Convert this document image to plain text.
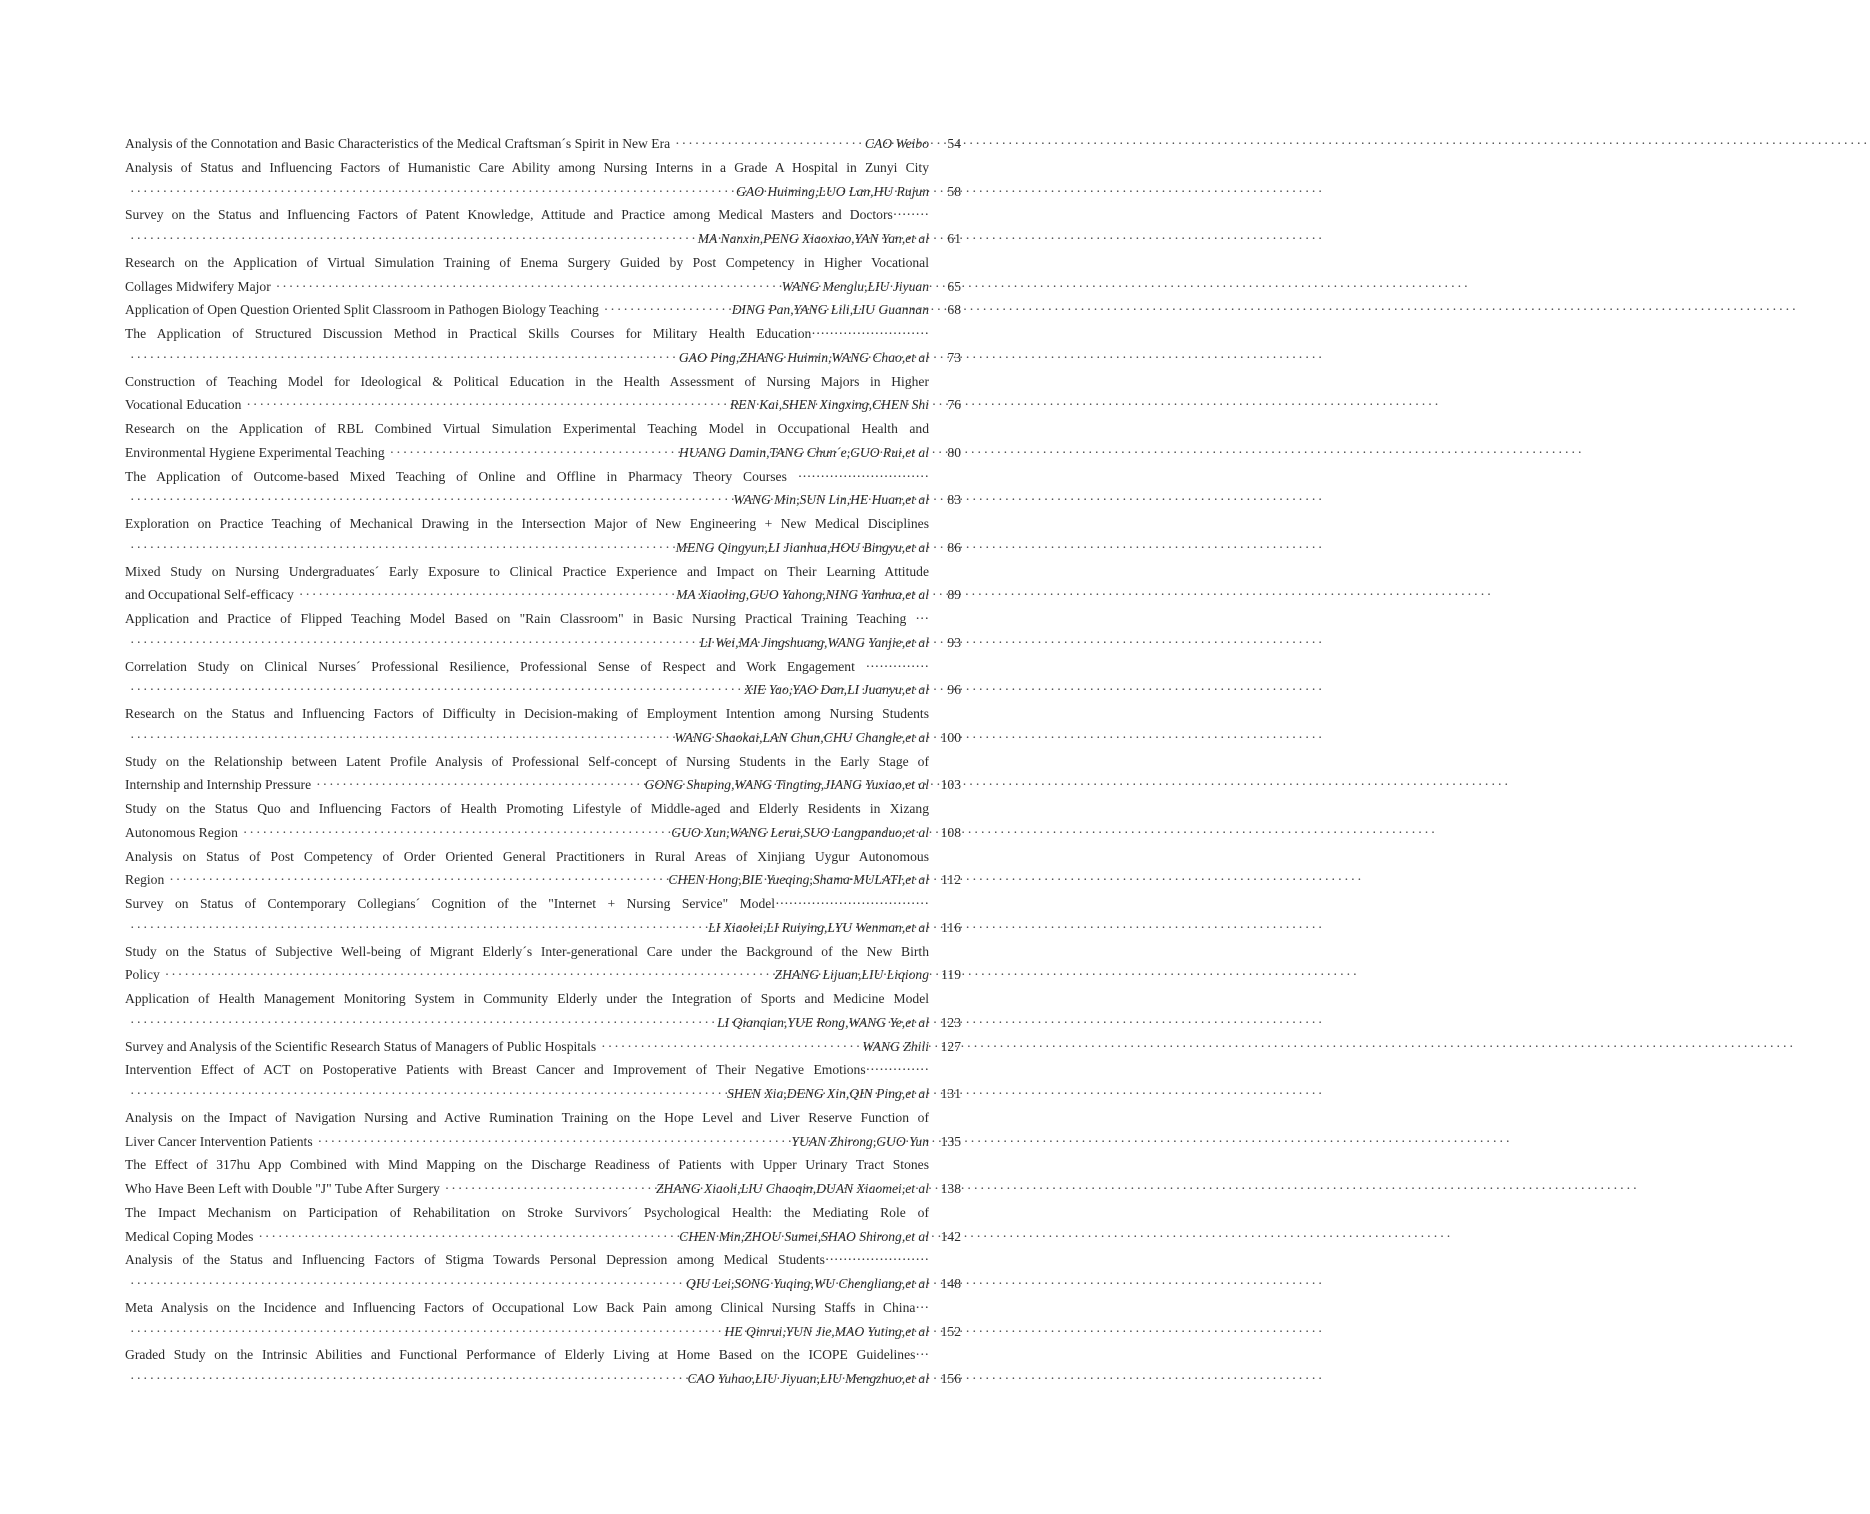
Analysis of the Connotation and Basic Characteristics of the Medical Craftsman´s Spirit in New Era ·····	CAO Weibo	54
Analysis of Status and Influencing Factors of Humanistic Care Ability among Nursing Interns in a Grade A Hospital in Zunyi City
·····
GAO Huiming,LUO Lan,HU Rujun	58
Survey on the Status and Influencing Factors of Patent Knowledge, Attitude and Practice among Medical Masters and Doctors········
·····
MA Nanxin,PENG Xiaoxiao,YAN Yan,et al	61
Research on the Application of Virtual Simulation Training of Enema Surgery Guided by Post Competency in Higher Vocational
Collages Midwifery Major ·····	WANG Menglu,LIU Jiyuan	65
Application of Open Question Oriented Split Classroom in Pathogen Biology Teaching ·····	DING Pan,YANG Lili,LIU Guannan	68
The Application of Structured Discussion Method in Practical Skills Courses for Military Health Education··························
·····
GAO Ping,ZHANG Huimin,WANG Chao,et al	73
Construction of Teaching Model for Ideological & Political Education in the Health Assessment of Nursing Majors in Higher
Vocational Education ·····	REN Kai,SHEN Xingxing,CHEN Shi	76
Research on the Application of RBL Combined Virtual Simulation Experimental Teaching Model in Occupational Health and
Environmental Hygiene Experimental Teaching ·····	HUANG Damin,TANG Chun´e,GUO Rui,et al	80
The Application of Outcome-based Mixed Teaching of Online and Offline in Pharmacy Theory Courses ·····························
·····
WANG Min,SUN Lin,HE Huan,et al	83
Exploration on Practice Teaching of Mechanical Drawing in the Intersection Major of New Engineering + New Medical Disciplines
·····
MENG Qingyun,LI Jianhua,HOU Bingyu,et al	86
Mixed Study on Nursing Undergraduates´ Early Exposure to Clinical Practice Experience and Impact on Their Learning Attitude
and Occupational Self-efficacy ·····	MA Xiaoling,GUO Yahong,NING Yanhua,et al	89
Application and Practice of Flipped Teaching Model Based on "Rain Classroom" in Basic Nursing Practical Training Teaching ···
·····
LI Wei,MA Jingshuang,WANG Yanjie,et al	93
Correlation Study on Clinical Nurses´ Professional Resilience, Professional Sense of Respect and Work Engagement ··············
·····
XIE Yao,YAO Dan,LI Juanyu,et al	96
Research on the Status and Influencing Factors of Difficulty in Decision-making of Employment Intention among Nursing Students
·····
WANG Shaokai,LAN Chun,CHU Changle,et al 100
Study on the Relationship between Latent Profile Analysis of Professional Self-concept of Nursing Students in the Early Stage of
Internship and Internship Pressure ·····	GONG Shuping,WANG Tingting,JIANG Yuxiao,et al 103
Study on the Status Quo and Influencing Factors of Health Promoting Lifestyle of Middle-aged and Elderly Residents in Xizang
Autonomous Region ·····	GUO Xun,WANG Lerui,SUO Langpanduo,et al 108
Analysis on Status of Post Competency of Order Oriented General Practitioners in Rural Areas of Xinjiang Uygur Autonomous
Region ·····	CHEN Hong,BIE Yueqing,Shama·MULATI,et al 112
Survey on Status of Contemporary Collegians´ Cognition of the "Internet + Nursing Service" Model··································
·····
LI Xiaolei,LI Ruiying,LYU Wenman,et al 116
Study on the Status of Subjective Well-being of Migrant Elderly´s Inter-generational Care under the Background of the New Birth
Policy ·····	ZHANG Lijuan,LIU Liqiong 119
Application of Health Management Monitoring System in Community Elderly under the Integration of Sports and Medicine Model
·····
LI Qianqian,YUE Rong,WANG Ye,et al 123
Survey and Analysis of the Scientific Research Status of Managers of Public Hospitals ·····	WANG Zhili 127
Intervention Effect of ACT on Postoperative Patients with Breast Cancer and Improvement of Their Negative Emotions··············
·····
SHEN Xia,DENG Xin,QIN Ping,et al 131
Analysis on the Impact of Navigation Nursing and Active Rumination Training on the Hope Level and Liver Reserve Function of
Liver Cancer Intervention Patients ·····	YUAN Zhirong,GUO Yun 135
The Effect of 317hu App Combined with Mind Mapping on the Discharge Readiness of Patients with Upper Urinary Tract Stones
Who Have Been Left with Double "J" Tube After Surgery ·····	ZHANG Xiaoli,LIU Chaoqin,DUAN Xiaomei,et al 138
The Impact Mechanism on Participation of Rehabilitation on Stroke Survivors´ Psychological Health: the Mediating Role of
Medical Coping Modes ·····	CHEN Min,ZHOU Sumei,SHAO Shirong,et al 142
Analysis of the Status and Influencing Factors of Stigma Towards Personal Depression among Medical Students·······················
·····
QIU Lei,SONG Yuqing,WU Chengliang,et al 148
Meta Analysis on the Incidence and Influencing Factors of Occupational Low Back Pain among Clinical Nursing Staffs in China···
·····
HE Qinrui,YUN Jie,MAO Yuting,et al 152
Graded Study on the Intrinsic Abilities and Functional Performance of Elderly Living at Home Based on the ICOPE Guidelines···
·····
CAO Yuhao,LIU Jiyuan,LIU Mengzhuo,et al 156
